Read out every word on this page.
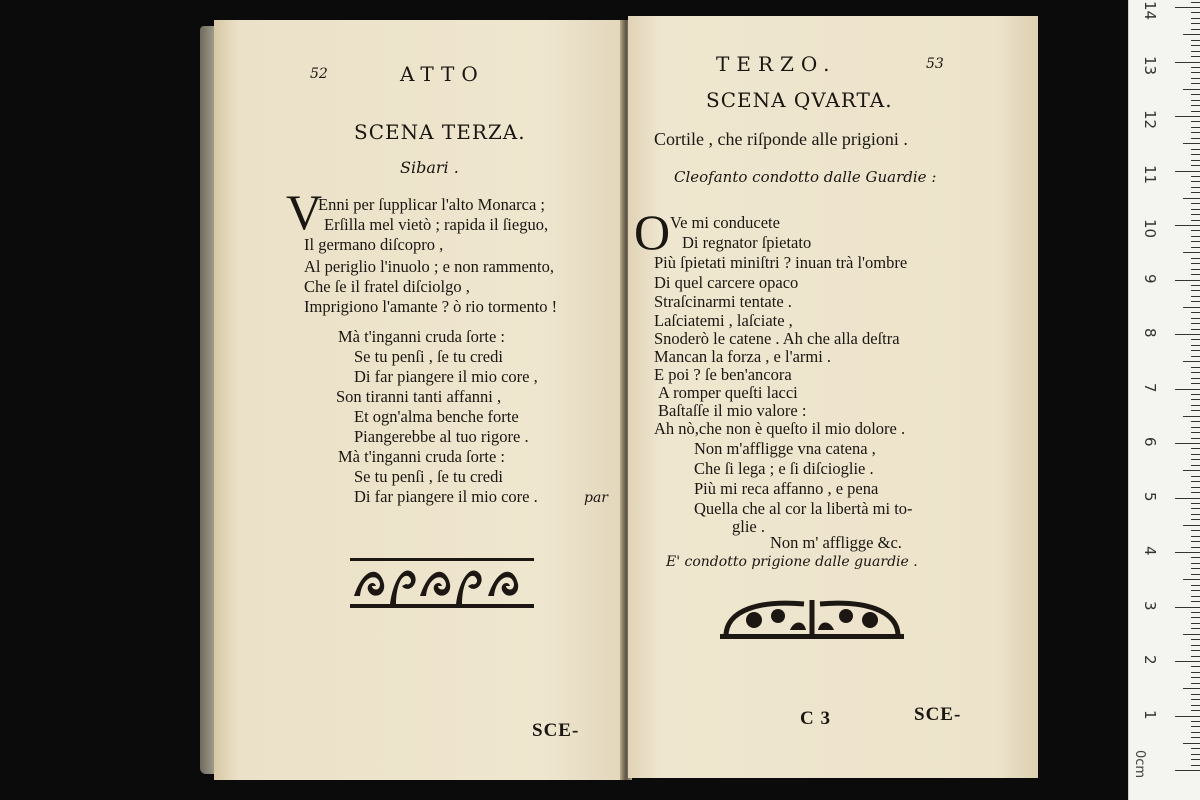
52	ATTO
SCENA TERZA.
Sibari .
V
Enni per ſupplicar l'alto Monarca ;
Erſilla mel vietò ; rapida il ſieguo,
Il germano diſcopro ,
Al periglio l'inuolo ; e non rammento,
Che ſe il fratel diſciolgo ,
Imprigiono l'amante ? ò rio tormento !
Mà t'inganni cruda ſorte :
Se tu penſi , ſe tu credi
Di far piangere il mio core ,
Son tiranni tanti affanni ,
Et ogn'alma benche forte
Piangerebbe al tuo rigore .
Mà t'inganni cruda ſorte :
Se tu penſi , ſe tu credi
Di far piangere il mio core .	par
SCE-
TERZO.	53
SCENA QVARTA.
Cortile , che riſponde alle prigioni .
Cleofanto condotto dalle Guardie :
O Ve mi conducete
Di regnator ſpietato
Più ſpietati miniſtri ? inuan trà l'ombre
Di quel carcere opaco
Straſcinarmi tentate .
Laſciatemi , laſciate ,
Snoderò le catene . Ah che alla deſtra
Mancan la forza , e l'armi .
E poi ? ſe ben'ancora
A romper queſti lacci
Baſtaſſe il mio valore :
Ah nò,che non è queſto il mio dolore .
Non m'affligge vna catena ,
Che ſi lega ; e ſi diſcioglie .
Più mi reca affanno , e pena
Quella che al cor la libertà mi to-
glie .
Non m' affligge &c.
E' condotto prigione dalle guardie .
C 3	SCE-
0cm
1
2
3
4
5
6
7
8
9
10
11
12
13
14
